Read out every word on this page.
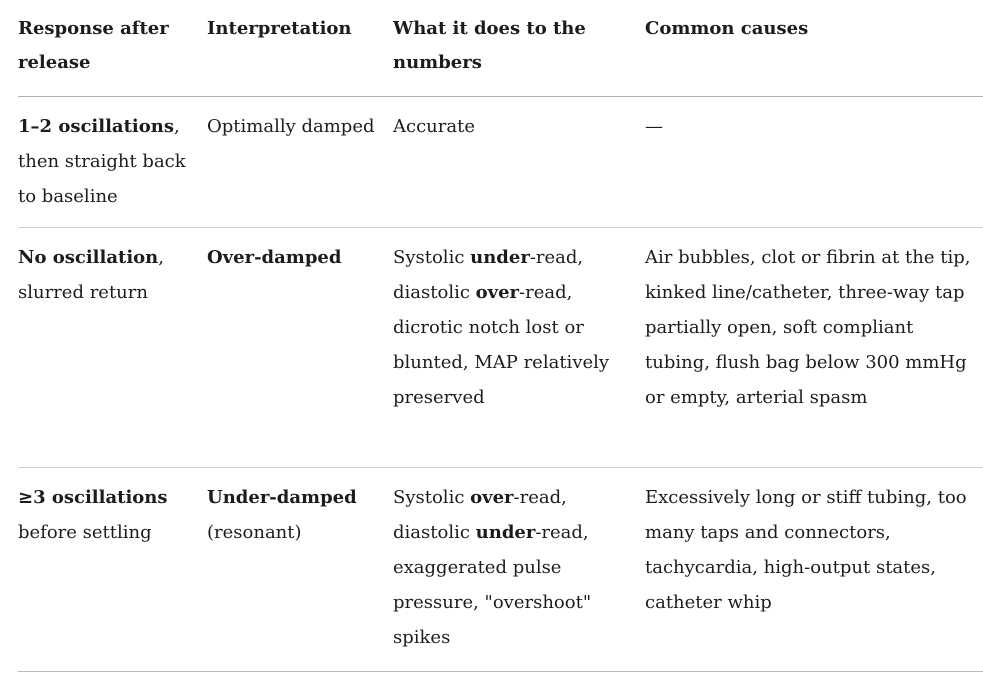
Response after release	Interpretation	What it does to the numbers	Common causes
1–2 oscillations, then straight back to baseline	Optimally damped	Accurate	—
No oscillation, slurred return	Over-damped	Systolic under-read, diastolic over-read, dicrotic notch lost or blunted, MAP relatively preserved	Air bubbles, clot or fibrin at the tip, kinked line/catheter, three-way tap partially open, soft compliant tubing, flush bag below 300 mmHg or empty, arterial spasm
≥3 oscillations before settling	Under-damped (resonant)	Systolic over-read, diastolic under-read, exaggerated pulse pressure, "overshoot" spikes	Excessively long or stiff tubing, too many taps and connectors, tachycardia, high-output states, catheter whip
